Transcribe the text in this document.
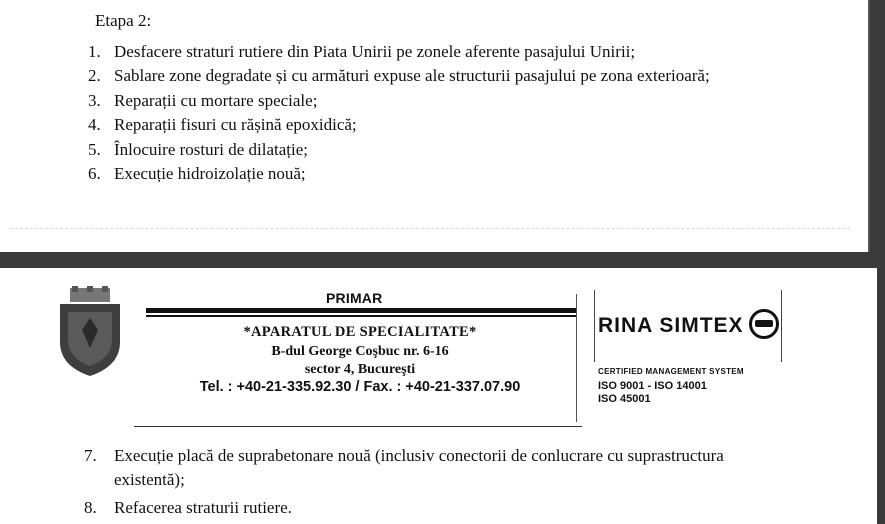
Etapa 2:
1. Desfacere straturi rutiere din Piata Unirii pe zonele aferente pasajului Unirii;
2. Sablare zone degradate și cu armături expuse ale structurii pasajului pe zona exterioară;
3. Reparații cu mortare speciale;
4. Reparații fisuri cu rășină epoxidică;
5. Înlocuire rosturi de dilatație;
6. Execuție hidroizolație nouă;
PRIMAR
*APARATUL DE SPECIALITATE*
B-dul George Coşbuc nr. 6-16
sector 4, Bucureşti
Tel. : +40-21-335.92.30 / Fax. : +40-21-337.07.90
RINA SIMTEX
CERTIFIED MANAGEMENT SYSTEM
ISO 9001 - ISO 14001
ISO 45001
7.	Execuție placă de suprabetonare nouă (inclusiv conectorii de conlucrare cu suprastructura existentă);
8. Refacerea straturii rutiere.
